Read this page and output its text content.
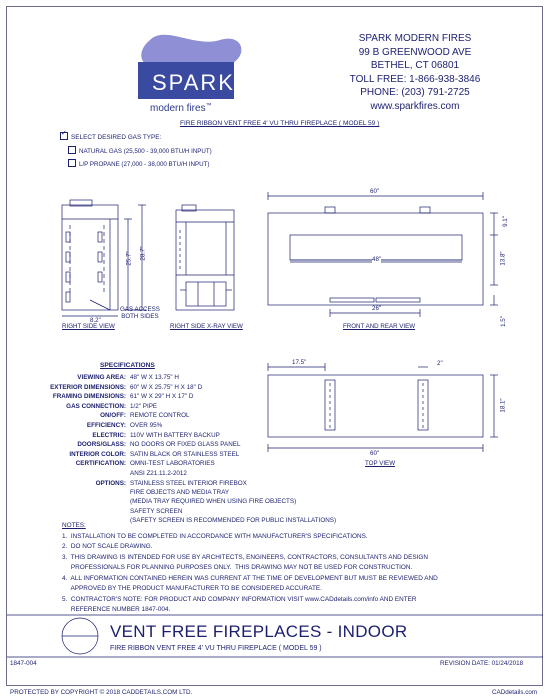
SPARK
modern fires™
SPARK MODERN FIRES
99 B GREENWOOD AVE
BETHEL, CT 06801
TOLL FREE: 1-866-938-3846
PHONE: (203) 791-2725
www.sparkfires.com
FIRE RIBBON VENT FREE 4' VU THRU FIREPLACE ( MODEL 59 )
✓
SELECT DESIRED GAS TYPE:
NATURAL GAS (25,500 - 39,000 BTU/H INPUT)
L/P PROPANE (27,000 - 38,000 BTU/H INPUT)
RIGHT SIDE VIEW	RIGHT SIDE X-RAY VIEW	FRONT AND REAR VIEW
TOP VIEW
25.7" 28.7"
8.2"
GAS ACCESS
BOTH SIDES
60"
48"
9.1"
13.8"
26"
1.5"
17.5"	2"
18.1"
60"
SPECIFICATIONS
VIEWING AREA: 48" W X 13.75" H
EXTERIOR DIMENSIONS: 60" W X 25.75" H X 18" D
FRAMING DIMENSIONS: 61" W X 29" H X 17" D
GAS CONNECTION: 1/2" PIPE
ON/OFF: REMOTE CONTROL
EFFICIENCY: OVER 95%
ELECTRIC: 110V WITH BATTERY BACKUP
DOORS/GLASS: NO DOORS OR FIXED GLASS PANEL
INTERIOR COLOR: SATIN BLACK OR STAINLESS STEEL
CERTIFICATION: OMNI-TEST LABORATORIES
ANSI Z21.11.2-2012
OPTIONS: STAINLESS STEEL INTERIOR FIREBOX
FIRE OBJECTS AND MEDIA TRAY
(MEDIA TRAY REQUIRED WHEN USING FIRE OBJECTS)
SAFETY SCREEN
(SAFETY SCREEN IS RECOMMENDED FOR PUBLIC INSTALLATIONS)
NOTES:
1.  INSTALLATION TO BE COMPLETED IN ACCORDANCE WITH MANUFACTURER'S SPECIFICATIONS.
2.  DO NOT SCALE DRAWING.
3.  THIS DRAWING IS INTENDED FOR USE BY ARCHITECTS, ENGINEERS, CONTRACTORS, CONSULTANTS AND DESIGN
PROFESSIONALS FOR PLANNING PURPOSES ONLY.  THIS DRAWING MAY NOT BE USED FOR CONSTRUCTION.
4.  ALL INFORMATION CONTAINED HEREIN WAS CURRENT AT THE TIME OF DEVELOPMENT BUT MUST BE REVIEWED AND
APPROVED BY THE PRODUCT MANUFACTURER TO BE CONSIDERED ACCURATE.
5.  CONTRACTOR'S NOTE: FOR PRODUCT AND COMPANY INFORMATION VISIT www.CADdetails.com/info AND ENTER
REFERENCE NUMBER 1847-004.
VENT FREE FIREPLACES - INDOOR
FIRE RIBBON VENT FREE 4' VU THRU FIREPLACE ( MODEL 59 )
1847-004	REVISION DATE: 01/24/2018
PROTECTED BY COPYRIGHT © 2018 CADDETAILS.COM LTD.	CADdetails.com
